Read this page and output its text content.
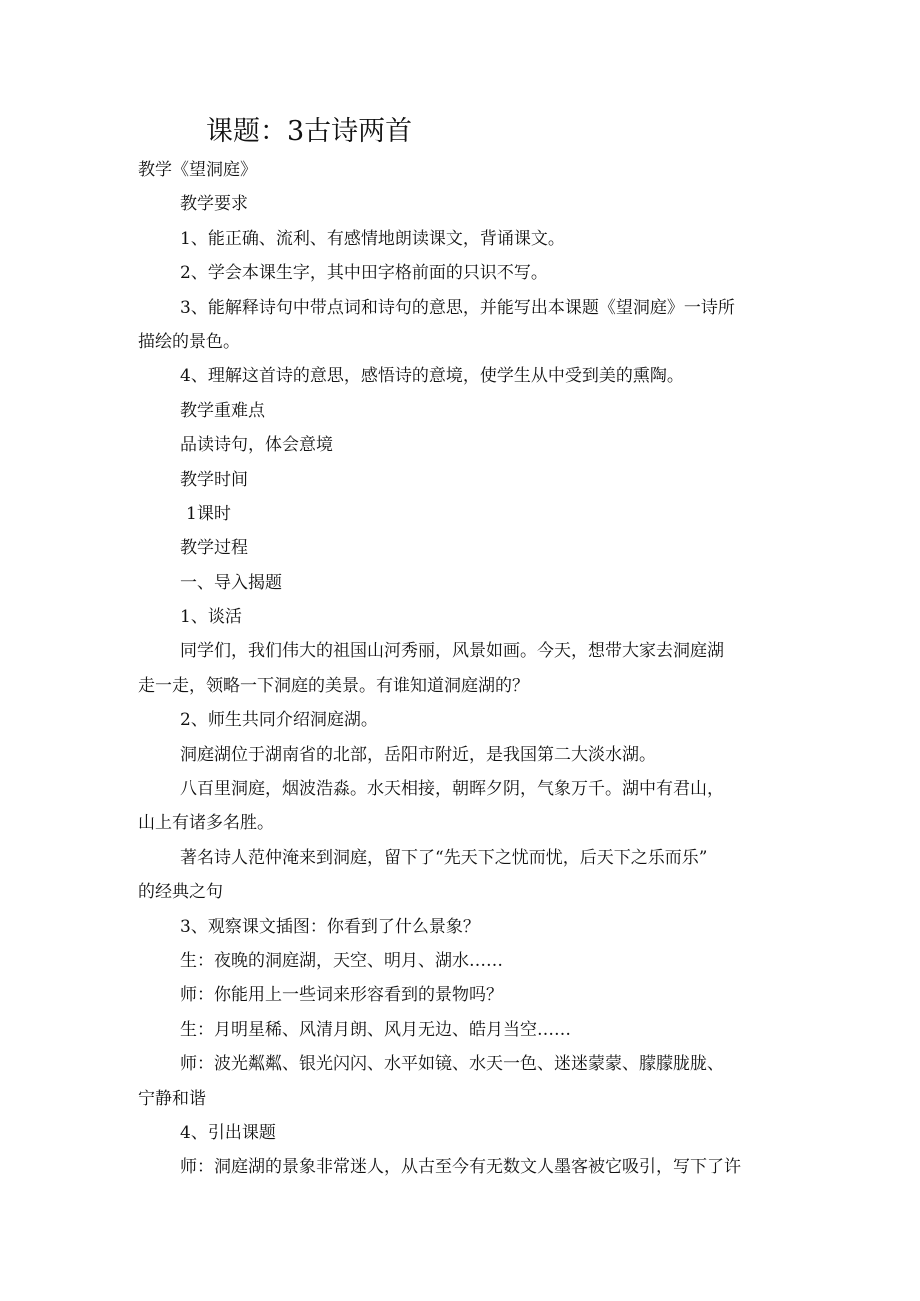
课题：3古诗两首

教学《望洞庭》

教学要求

1、能正确、流利、有感情地朗读课文，背诵课文。

2、学会本课生字，其中田字格前面的只识不写。

3、能解释诗句中带点词和诗句的意思，并能写出本课题《望洞庭》一诗所

描绘的景色。

4、理解这首诗的意思，感悟诗的意境，使学生从中受到美的熏陶。

教学重难点

品读诗句，体会意境

教学时间

1课时

教学过程

一、导入揭题

1、谈活

同学们，我们伟大的祖国山河秀丽，风景如画。今天，想带大家去洞庭湖

走一走，领略一下洞庭的美景。有谁知道洞庭湖的？

2、师生共同介绍洞庭湖。

洞庭湖位于湖南省的北部，岳阳市附近，是我国第二大淡水湖。

八百里洞庭，烟波浩淼。水天相接，朝晖夕阴，气象万千。湖中有君山，

山上有诸多名胜。

著名诗人范仲淹来到洞庭，留下了“先天下之忧而忧，后天下之乐而乐”

的经典之句

3、观察课文插图：你看到了什么景象？

生：夜晚的洞庭湖，天空、明月、湖水……

师：你能用上一些词来形容看到的景物吗？

生：月明星稀、风清月朗、风月无边、皓月当空……

师：波光粼粼、银光闪闪、水平如镜、水天一色、迷迷蒙蒙、朦朦胧胧、

宁静和谐

4、引出课题

师：洞庭湖的景象非常迷人，从古至今有无数文人墨客被它吸引，写下了许
